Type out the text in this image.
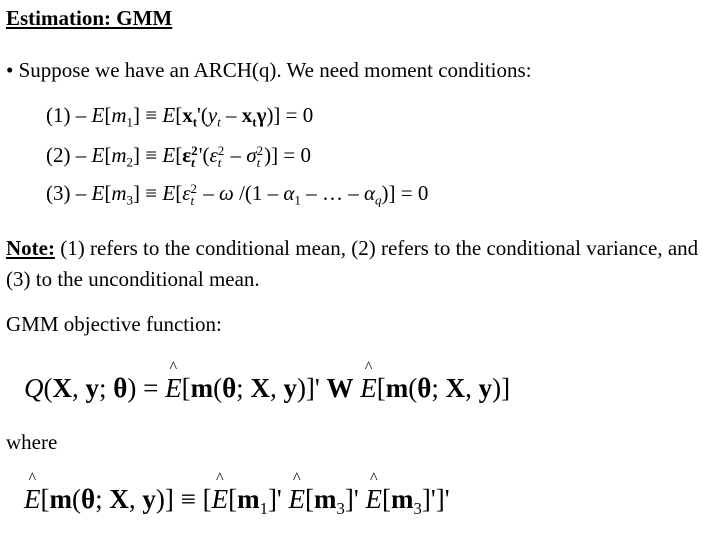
Estimation: GMM
• Suppose we have an ARCH(q). We need moment conditions:
$(1) - E[m_1] \equiv E[x_t'(y_t - x_t\gamma)] = 0$
$(2) - E[m_2] \equiv E[\varepsilon$ 2
t '(ε 2
t – σ 2
t )] = 0
$(3) - E[m_3] \equiv E[\varepsilon$ 2
t – ω $/(1 - \alpha_1$ – … – $\alpha_q)] = 0$
Note: (1) refers to the conditional mean, (2) refers to the conditional variance, and (3) to the unconditional mean.
GMM objective function:
Q(X, y; θ) = ^ E[m(θ; X, y)]' W ^ E[m(θ; X, y)]
where
^ E[m(θ; X, y)] ≡ [^ $E[m_1]'$ ^ $E[m_3]'$ ^ $E[m_3]']'$
